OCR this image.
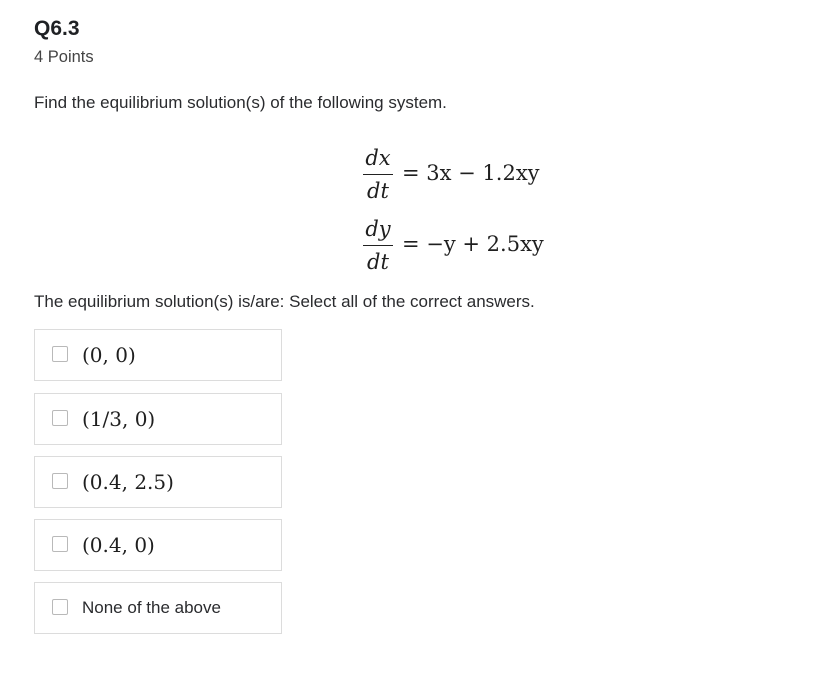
Q6.3
4 Points
Find the equilibrium solution(s) of the following system.
dx
dt
= 3x − 1.2xy
dy
dt
= −y + 2.5xy
The equilibrium solution(s) is/are: Select all of the correct answers.
(0, 0)
(1/3, 0)
(0.4, 2.5)
(0.4, 0)
None of the above
